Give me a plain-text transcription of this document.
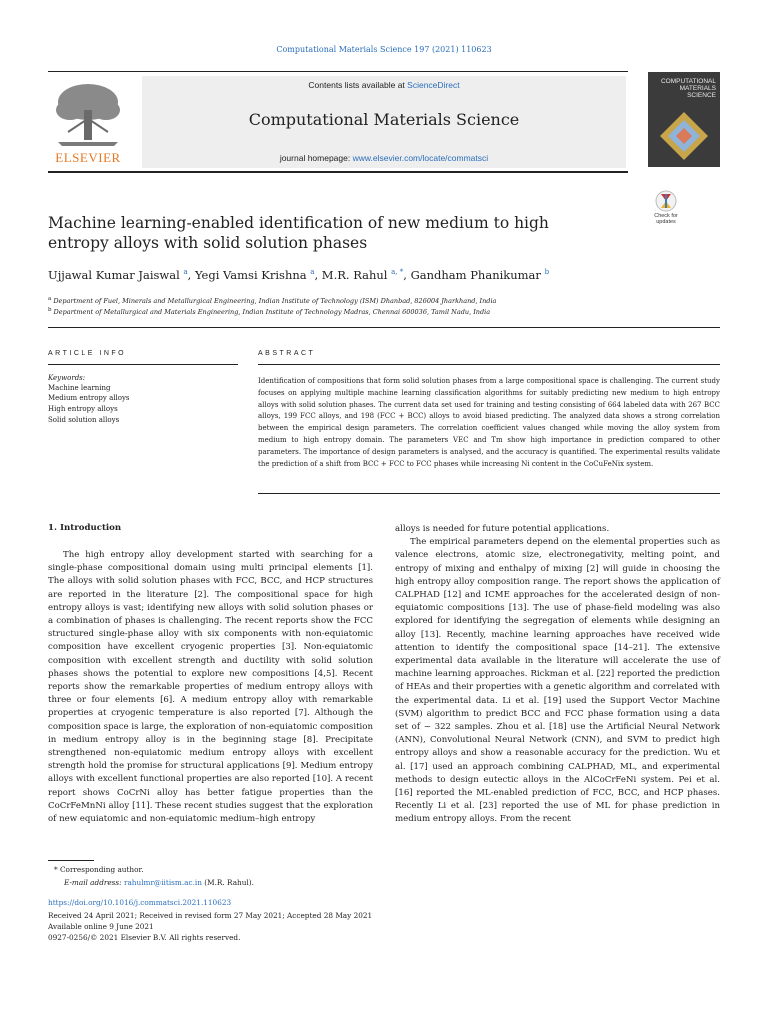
Computational Materials Science 197 (2021) 110623
Contents lists available at ScienceDirect
Computational Materials Science
journal homepage: www.elsevier.com/locate/commatsci
ELSEVIER
COMPUTATIONAL MATERIALS SCIENCE
Machine learning-enabled identification of new medium to high entropy alloys with solid solution phases
Check for updates
Ujjawal Kumar Jaiswal $^a$, Yegi Vamsi Krishna $^a$, M.R. Rahul $^{a, *}$, Gandham Phanikumar $^b$
$^a$ Department of Fuel, Minerals and Metallurgical Engineering, Indian Institute of Technology (ISM) Dhanbad, 826004 Jharkhand, India
$^b$ Department of Metallurgical and Materials Engineering, Indian Institute of Technology Madras, Chennai 600036, Tamil Nadu, India
ARTICLE INFO
Keywords:
Machine learning
Medium entropy alloys
High entropy alloys
Solid solution alloys
ABSTRACT
Identification of compositions that form solid solution phases from a large compositional space is challenging. The current study focuses on applying multiple machine learning classification algorithms for suitably predicting new medium to high entropy alloys with solid solution phases. The current data set used for training and testing consisting of 664 labeled data with 267 BCC alloys, 199 FCC alloys, and 198 (FCC + BCC) alloys to avoid biased predicting. The analyzed data shows a strong correlation between the empirical design parameters. The correlation coefficient values changed while moving the alloy system from medium to high entropy domain. The parameters VEC and Tm show high importance in prediction compared to other parameters. The importance of design parameters is analysed, and the accuracy is quantified. The experimental results validate the prediction of a shift from BCC + FCC to FCC phases while increasing Ni content in the CoCuFeNix system.
1. Introduction

The high entropy alloy development started with searching for a single-phase compositional domain using multi principal elements [1]. The alloys with solid solution phases with FCC, BCC, and HCP structures are reported in the literature [2]. The compositional space for high entropy alloys is vast; identifying new alloys with solid solution phases or a combination of phases is challenging. The recent reports show the FCC structured single-phase alloy with six components with non-equiatomic composition have excellent cryogenic properties [3]. Non-equiatomic composition with excellent strength and ductility with solid solution phases shows the potential to explore new compositions [4,5]. Recent reports show the remarkable properties of medium entropy alloys with three or four elements [6]. A medium entropy alloy with remarkable properties at cryogenic temperature is also reported [7]. Although the composition space is large, the exploration of non-equiatomic composition in medium entropy alloy is in the beginning stage [8]. Precipitate strengthened non-equiatomic medium entropy alloys with excellent strength hold the promise for structural applications [9]. Medium entropy alloys with excellent functional properties are also reported [10]. A recent report shows CoCrNi alloy has better fatigue properties than the CoCrFeMnNi alloy [11]. These recent studies suggest that the exploration of new equiatomic and non-equiatomic medium–high entropy

alloys is needed for future potential applications.

The empirical parameters depend on the elemental properties such as valence electrons, atomic size, electronegativity, melting point, and entropy of mixing and enthalpy of mixing [2] will guide in choosing the high entropy alloy composition range. The report shows the application of CALPHAD [12] and ICME approaches for the accelerated design of non-equiatomic compositions [13]. The use of phase-field modeling was also explored for identifying the segregation of elements while designing an alloy [13]. Recently, machine learning approaches have received wide attention to identify the compositional space [14–21]. The extensive experimental data available in the literature will accelerate the use of machine learning approaches. Rickman et al. [22] reported the prediction of HEAs and their properties with a genetic algorithm and correlated with the experimental data. Li et al. [19] used the Support Vector Machine (SVM) algorithm to predict BCC and FCC phase formation using a data set of ~ 322 samples. Zhou et al. [18] use the Artificial Neural Network (ANN), Convolutional Neural Network (CNN), and SVM to predict high entropy alloys and show a reasonable accuracy for the prediction. Wu et al. [17] used an approach combining CALPHAD, ML, and experimental methods to design eutectic alloys in the AlCoCrFeNi system. Pei et al. [16] reported the ML-enabled prediction of FCC, BCC, and HCP phases. Recently Li et al. [23] reported the use of ML for phase prediction in medium entropy alloys. From the recent

* Corresponding author.
E-mail address: rahulmr@iitism.ac.in (M.R. Rahul).
https://doi.org/10.1016/j.commatsci.2021.110623
Received 24 April 2021; Received in revised form 27 May 2021; Accepted 28 May 2021
Available online 9 June 2021
0927-0256/© 2021 Elsevier B.V. All rights reserved.
